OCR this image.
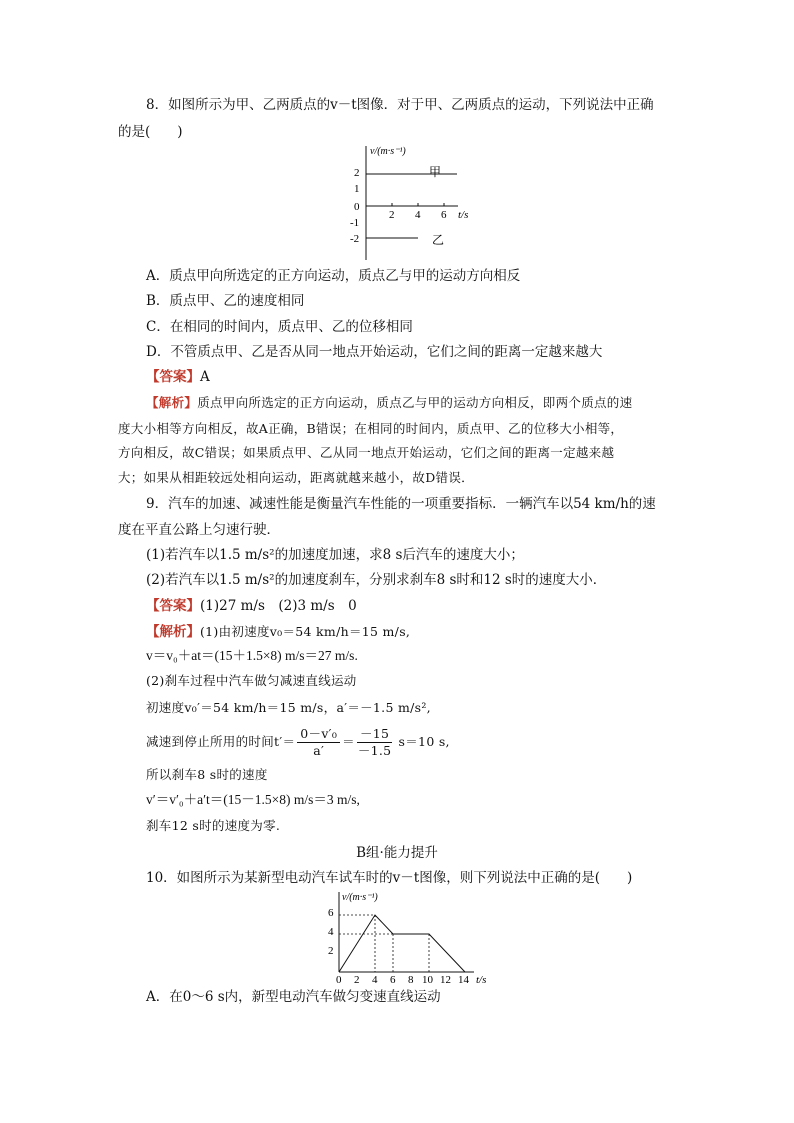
8．如图所示为甲、乙两质点的v－t图像．对于甲、乙两质点的运动，下列说法中正确
的是(　　)
v/(m·s⁻¹)
2
1
0
-1
-2
2 4 6 t/s
甲
乙
A．质点甲向所选定的正方向运动，质点乙与甲的运动方向相反
B．质点甲、乙的速度相同
C．在相同的时间内，质点甲、乙的位移相同
D．不管质点甲、乙是否从同一地点开始运动，它们之间的距离一定越来越大
【答案】A
【解析】质点甲向所选定的正方向运动，质点乙与甲的运动方向相反，即两个质点的速
度大小相等方向相反，故A正确，B错误；在相同的时间内，质点甲、乙的位移大小相等，
方向相反，故C错误；如果质点甲、乙从同一地点开始运动，它们之间的距离一定越来越
大；如果从相距较远处相向运动，距离就越来越小，故D错误．
9．汽车的加速、减速性能是衡量汽车性能的一项重要指标．一辆汽车以54 km/h的速
度在平直公路上匀速行驶．
(1)若汽车以1.5 m/s²的加速度加速，求8 s后汽车的速度大小；
(2)若汽车以1.5 m/s²的加速度刹车，分别求刹车8 s时和12 s时的速度大小．
【答案】(1)27 m/s　(2)3 m/s　0
【解析】(1)由初速度v₀＝54 km/h＝15 m/s,
v＝v₀＋at＝(15＋1.5×8) m/s＝27 m/s.
(2)刹车过程中汽车做匀减速直线运动
初速度v₀′＝54 km/h＝15 m/s，a′＝－1.5 m/s²,
减速到停止所用的时间$t'= \frac{\text{0－v′₀}}{a'} = \frac{-15}{-1.5} s=10$ s,
所以刹车8 s时的速度
v′＝v′₀＋a′t＝(15－1.5×8) m/s＝3 m/s,
刹车12 s时的速度为零.
B组·能力提升
10．如图所示为某新型电动汽车试车时的v－t图像，则下列说法中正确的是(　　)
v/(m·s⁻¹)
6
4
2
0 2 4 6 8 10 12 14 t/s
A．在0～6 s内，新型电动汽车做匀变速直线运动
